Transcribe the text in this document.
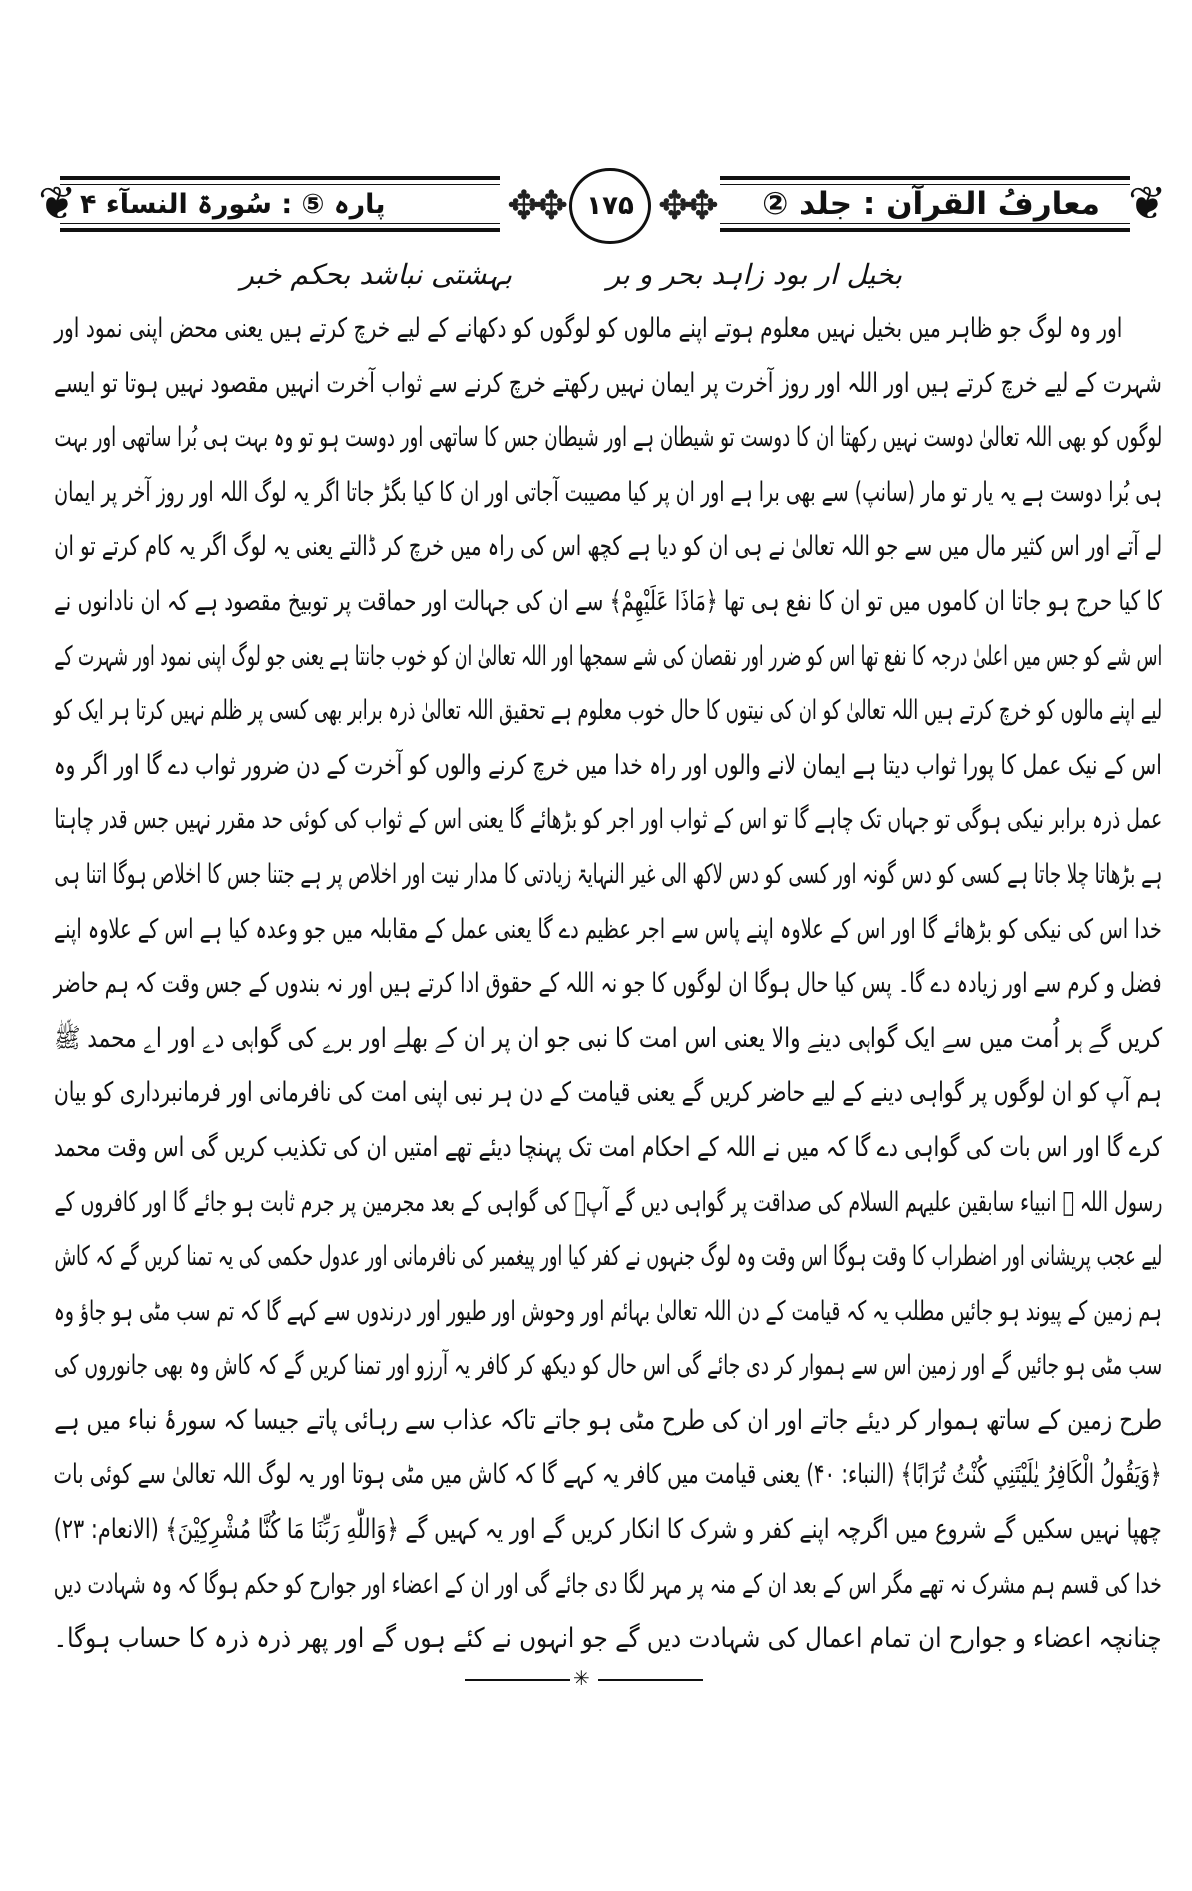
❦ پارہ ⑤ : سُورۃ النسآء ۴	✥✥ ۱۷۵ ✥✥	معارفُ القرآن : جلد ② ❦
بخیل ار بود زاہد بحر و بر
بہشتی نباشد بحکم خبر
اور وہ لوگ جو ظاہر میں بخیل نہیں معلوم ہوتے اپنے مالوں کو لوگوں کو دکھانے کے لیے خرچ کرتے ہیں یعنی محض اپنی نمود اور
شہرت کے لیے خرچ کرتے ہیں اور اللہ اور روز آخرت پر ایمان نہیں رکھتے خرچ کرنے سے ثواب آخرت انہیں مقصود نہیں ہوتا تو ایسے
لوگوں کو بھی اللہ تعالیٰ دوست نہیں رکھتا ان کا دوست تو شیطان ہے اور شیطان جس کا ساتھی اور دوست ہو تو وہ بہت ہی بُرا ساتھی اور بہت
ہی بُرا دوست ہے یہ یار تو مار (سانپ) سے بھی برا ہے اور ان پر کیا مصیبت آجاتی اور ان کا کیا بگڑ جاتا اگر یہ لوگ اللہ اور روز آخر پر ایمان
لے آتے اور اس کثیر مال میں سے جو اللہ تعالیٰ نے ہی ان کو دیا ہے کچھ اس کی راہ میں خرچ کر ڈالتے یعنی یہ لوگ اگر یہ کام کرتے تو ان
کا کیا حرج ہو جاتا ان کاموں میں تو ان کا نفع ہی تھا ﴿مَاذَا عَلَيْهِمْ﴾ سے ان کی جہالت اور حماقت پر توبیخ مقصود ہے کہ ان نادانوں نے
اس شے کو جس میں اعلیٰ درجہ کا نفع تھا اس کو ضرر اور نقصان کی شے سمجھا اور اللہ تعالیٰ ان کو خوب جانتا ہے یعنی جو لوگ اپنی نمود اور شہرت کے
لیے اپنے مالوں کو خرچ کرتے ہیں اللہ تعالیٰ کو ان کی نیتوں کا حال خوب معلوم ہے تحقیق اللہ تعالیٰ ذرہ برابر بھی کسی پر ظلم نہیں کرتا ہر ایک کو
اس کے نیک عمل کا پورا ثواب دیتا ہے ایمان لانے والوں اور راہ خدا میں خرچ کرنے والوں کو آخرت کے دن ضرور ثواب دے گا اور اگر وہ
عمل ذرہ برابر نیکی ہوگی تو جہاں تک چاہے گا تو اس کے ثواب اور اجر کو بڑھائے گا یعنی اس کے ثواب کی کوئی حد مقرر نہیں جس قدر چاہتا
ہے بڑھاتا چلا جاتا ہے کسی کو دس گونہ اور کسی کو دس لاکھ الی غیر النہایۃ زیادتی کا مدار نیت اور اخلاص پر ہے جتنا جس کا اخلاص ہوگا اتنا ہی
خدا اس کی نیکی کو بڑھائے گا اور اس کے علاوہ اپنے پاس سے اجر عظیم دے گا یعنی عمل کے مقابلہ میں جو وعدہ کیا ہے اس کے علاوہ اپنے
فضل و کرم سے اور زیادہ دے گا۔ پس کیا حال ہوگا ان لوگوں کا جو نہ اللہ کے حقوق ادا کرتے ہیں اور نہ بندوں کے جس وقت کہ ہم حاضر
کریں گے ہر اُمت میں سے ایک گواہی دینے والا یعنی اس امت کا نبی جو ان پر ان کے بھلے اور برے کی گواہی دے اور اے محمد ﷺ
ہم آپ کو ان لوگوں پر گواہی دینے کے لیے حاضر کریں گے یعنی قیامت کے دن ہر نبی اپنی امت کی نافرمانی اور فرمانبرداری کو بیان
کرے گا اور اس بات کی گواہی دے گا کہ میں نے اللہ کے احکام امت تک پہنچا دیئے تھے امتیں ان کی تکذیب کریں گی اس وقت محمد
رسول اللہ ﷺ انبیاء سابقین علیہم السلام کی صداقت پر گواہی دیں گے آپؐ کی گواہی کے بعد مجرمین پر جرم ثابت ہو جائے گا اور کافروں کے
لیے عجب پریشانی اور اضطراب کا وقت ہوگا اس وقت وہ لوگ جنہوں نے کفر کیا اور پیغمبر کی نافرمانی اور عدول حکمی کی یہ تمنا کریں گے کہ کاش
ہم زمین کے پیوند ہو جائیں مطلب یہ کہ قیامت کے دن اللہ تعالیٰ بہائم اور وحوش اور طیور اور درندوں سے کہے گا کہ تم سب مٹی ہو جاؤ وہ
سب مٹی ہو جائیں گے اور زمین اس سے ہموار کر دی جائے گی اس حال کو دیکھ کر کافر یہ آرزو اور تمنا کریں گے کہ کاش وہ بھی جانوروں کی
طرح زمین کے ساتھ ہموار کر دیئے جاتے اور ان کی طرح مٹی ہو جاتے تاکہ عذاب سے رہائی پاتے جیسا کہ سورۂ نباء میں ہے
﴿وَيَقُولُ الْكَافِرُ يٰلَيْتَنِي كُنْتُ تُرَابًا﴾ (النباء: ۴۰) یعنی قیامت میں کافر یہ کہے گا کہ کاش میں مٹی ہوتا اور یہ لوگ اللہ تعالیٰ سے کوئی بات
چھپا نہیں سکیں گے شروع میں اگرچہ اپنے کفر و شرک کا انکار کریں گے اور یہ کہیں گے ﴿وَاللّٰهِ رَبِّنَا مَا كُنَّا مُشْرِكِيْنَ﴾ (الانعام: ۲۳)
خدا کی قسم ہم مشرک نہ تھے مگر اس کے بعد ان کے منہ پر مہر لگا دی جائے گی اور ان کے اعضاء اور جوارح کو حکم ہوگا کہ وہ شہادت دیں
چنانچہ اعضاء و جوارح ان تمام اعمال کی شہادت دیں گے جو انہوں نے کئے ہوں گے اور پھر ذرہ ذرہ کا حساب ہوگا۔
✳
